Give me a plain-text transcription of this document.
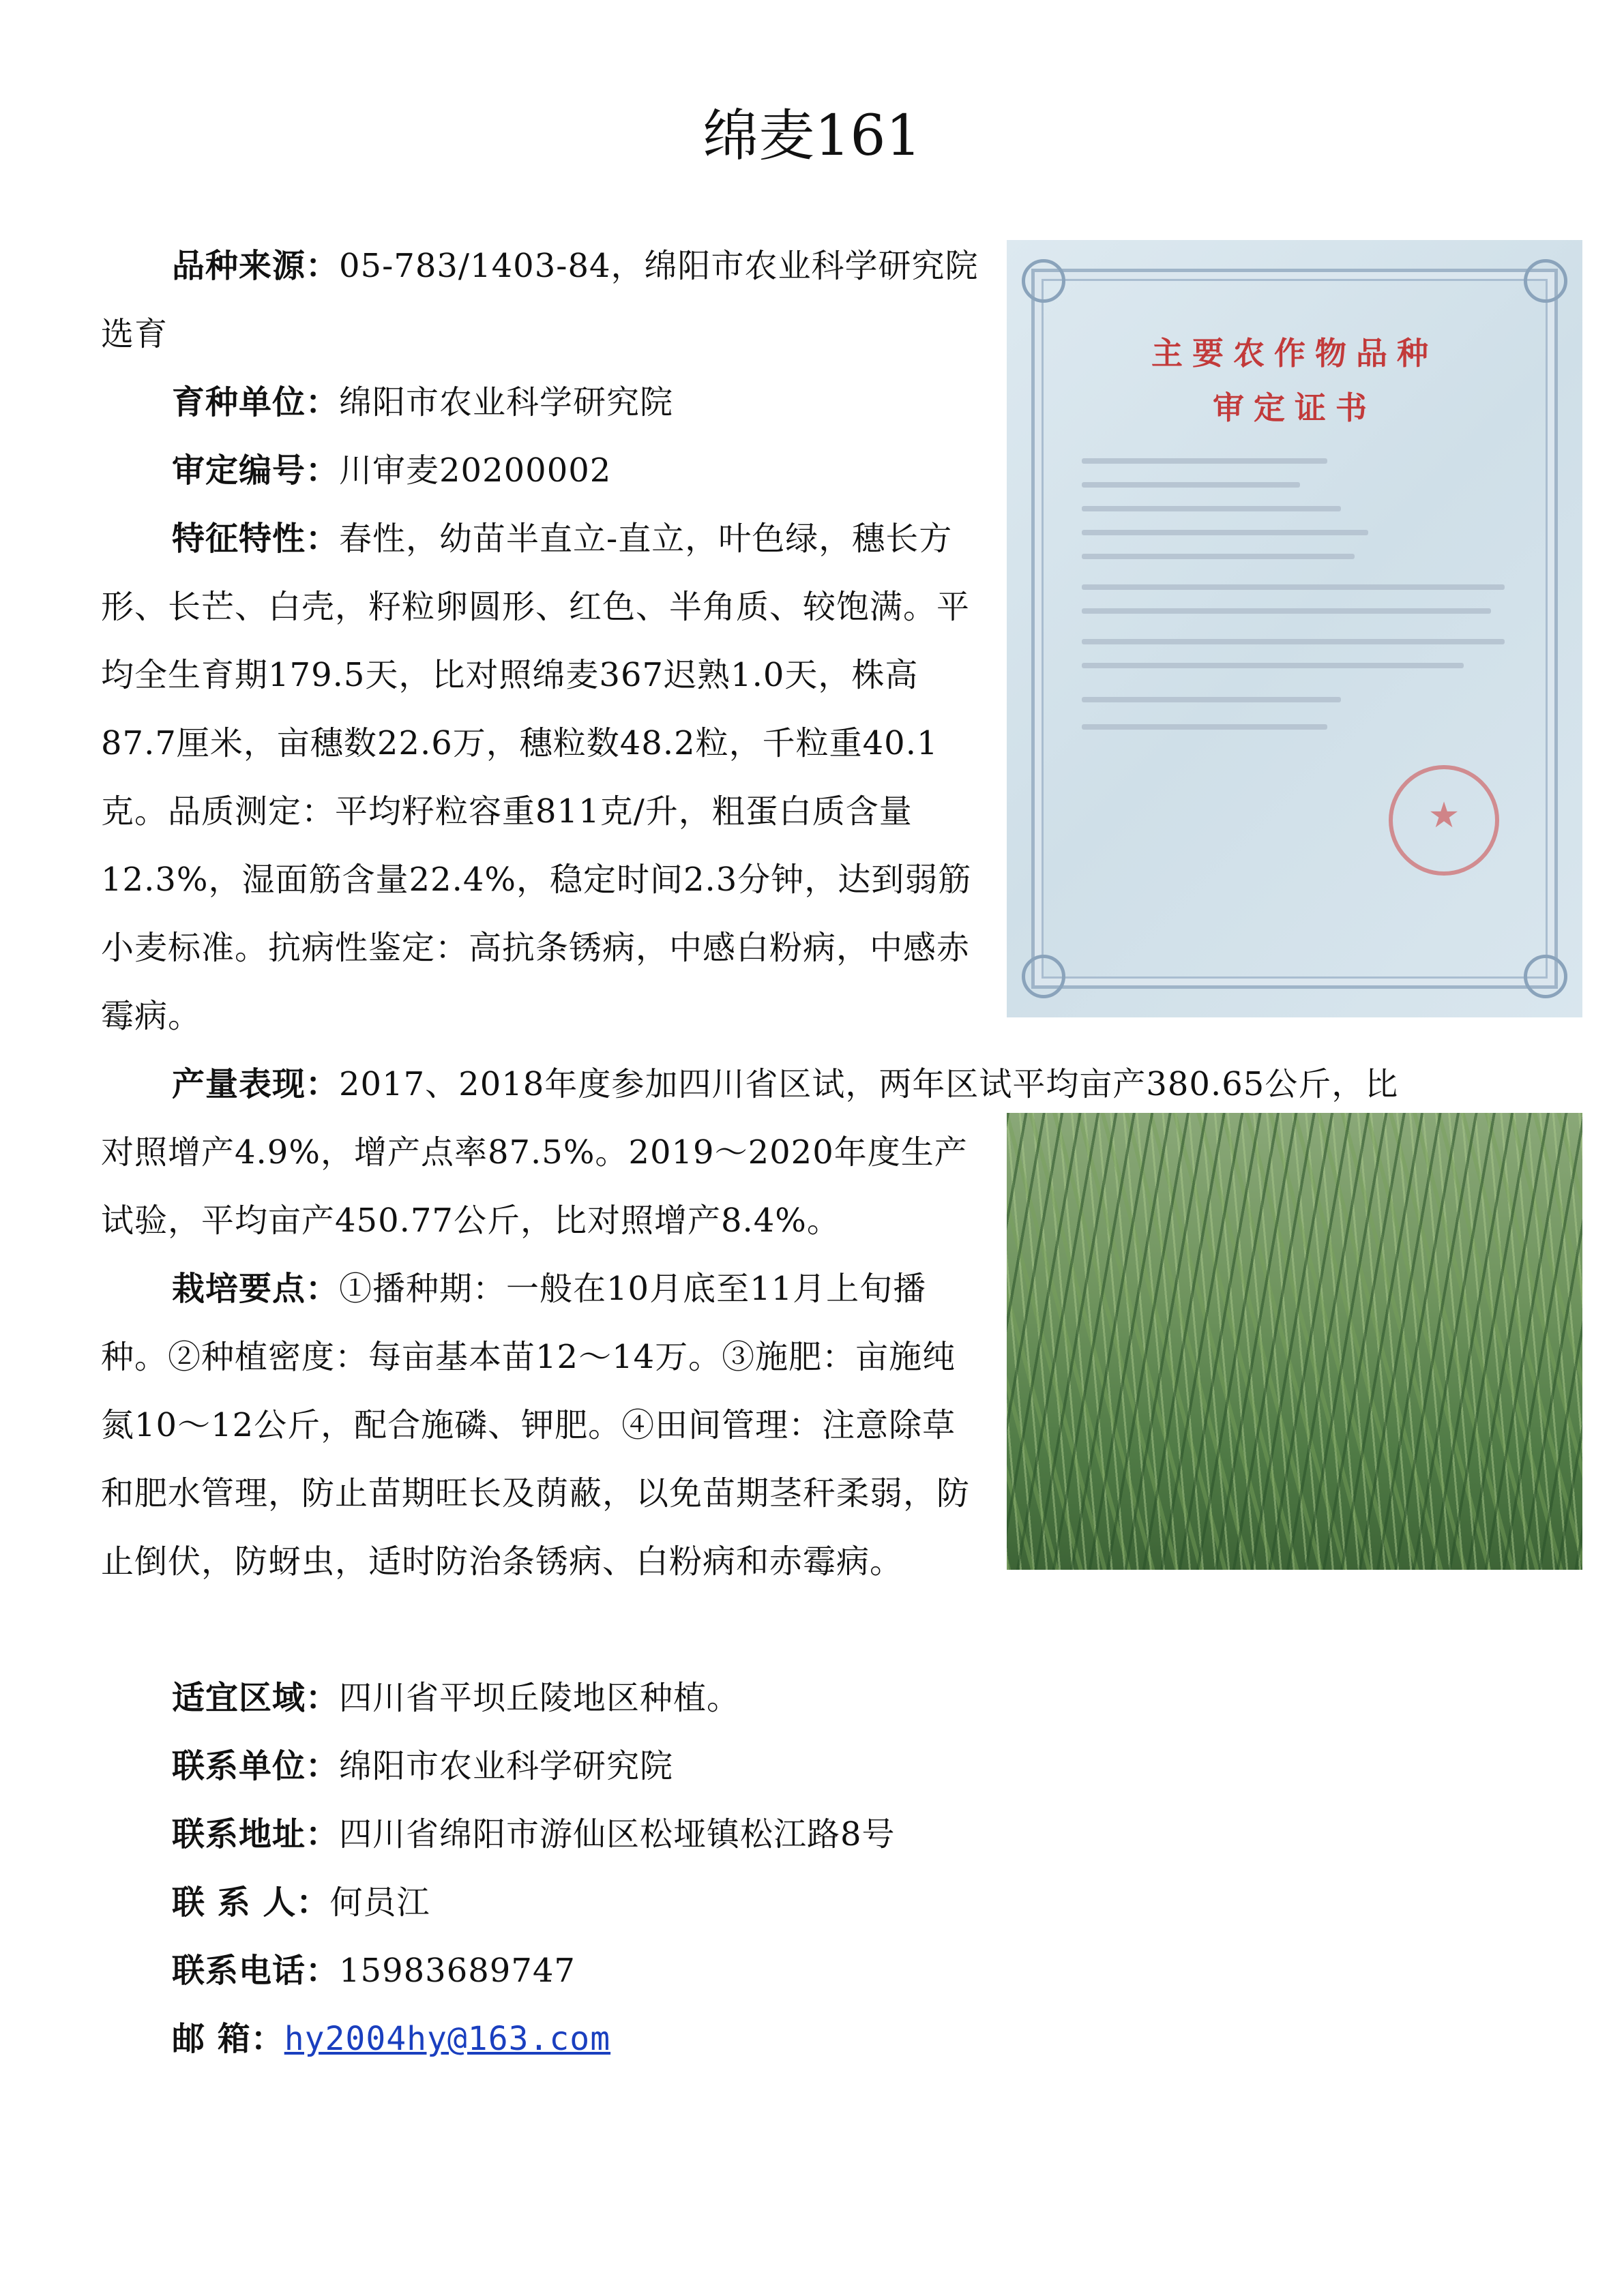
绵麦161
主要农作物品种
审定证书
★

品种来源：05-783/1403-84，绵阳市农业科学研究院选育

育种单位：绵阳市农业科学研究院

审定编号：川审麦20200002

特征特性：春性，幼苗半直立-直立，叶色绿，穗长方形、长芒、白壳，籽粒卵圆形、红色、半角质、较饱满。平均全生育期179.5天，比对照绵麦367迟熟1.0天，株高87.7厘米，亩穗数22.6万，穗粒数48.2粒，千粒重40.1克。品质测定：平均籽粒容重811克/升，粗蛋白质含量12.3%，湿面筋含量22.4%，稳定时间2.3分钟，达到弱筋小麦标准。抗病性鉴定：高抗条锈病，中感白粉病，中感赤霉病。

产量表现：2017、2018年度参加四川省区试，两年区试平均亩产380.65公斤，比

对照增产4.9%，增产点率87.5%。2019～2020年度生产试验，平均亩产450.77公斤，比对照增产8.4%。

栽培要点：①播种期：一般在10月底至11月上旬播种。②种植密度：每亩基本苗12～14万。③施肥：亩施纯氮10～12公斤，配合施磷、钾肥。④田间管理：注意除草和肥水管理，防止苗期旺长及荫蔽，以免苗期茎秆柔弱，防止倒伏，防蚜虫，适时防治条锈病、白粉病和赤霉病。

适宜区域：四川省平坝丘陵地区种植。

联系单位：绵阳市农业科学研究院

联系地址：四川省绵阳市游仙区松垭镇松江路8号

联 系 人：何员江

联系电话：15983689747

邮 箱：hy2004hy@163.com
